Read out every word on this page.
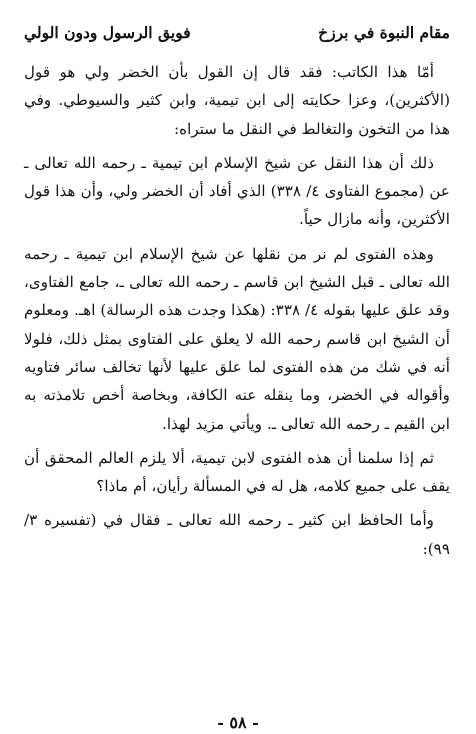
مقام النبوة في برزخ
فويق الرسول ودون الولي

أمّا هذا الكاتب: فقد قال إن القول بأن الخضر ولي هو قول (الأكثرين)، وعزا حكايته إلى ابن تيمية، وابن كثير والسيوطي. وفي هذا من التخون والتغالط في النقل ما ستراه:

ذلك أن هذا النقل عن شيخ الإسلام ابن تيمية ـ رحمه الله تعالى ـ عن (مجموع الفتاوى ٤/ ٣٣٨) الذي أفاد أن الخضر ولي، وأن هذا قول الأكثرين، وأنه مازال حياً.

وهذه الفتوى لم نر من نقلها عن شيخ الإسلام ابن تيمية ـ رحمه الله تعالى ـ قبل الشيخ ابن قاسم ـ رحمه الله تعالى ـ، جامع الفتاوى، وقد علق عليها بقوله ٤/ ٣٣٨: (هكذا وجدت هذه الرسالة) اهـ. ومعلوم أن الشيخ ابن قاسم رحمه الله لا يعلق على الفتاوى بمثل ذلك، فلولا أنه في شك من هذه الفتوى لما علق عليها لأنها تخالف سائر فتاويه وأقواله في الخضر، وما ينقله عنه الكافة، وبخاصة أخص تلامذته به ابن القيم ـ رحمه الله تعالى ـ. ويأتي مزيد لهذا.

ثم إذا سلمنا أن هذه الفتوى لابن تيمية، ألا يلزم العالم المحقق أن يقف على جميع كلامه، هل له في المسألة رأيان، أم ماذا؟

وأما الحافظ ابن كثير ـ رحمه الله تعالى ـ فقال في (تفسيره ٣/ ٩٩):

- ٥٨ -
